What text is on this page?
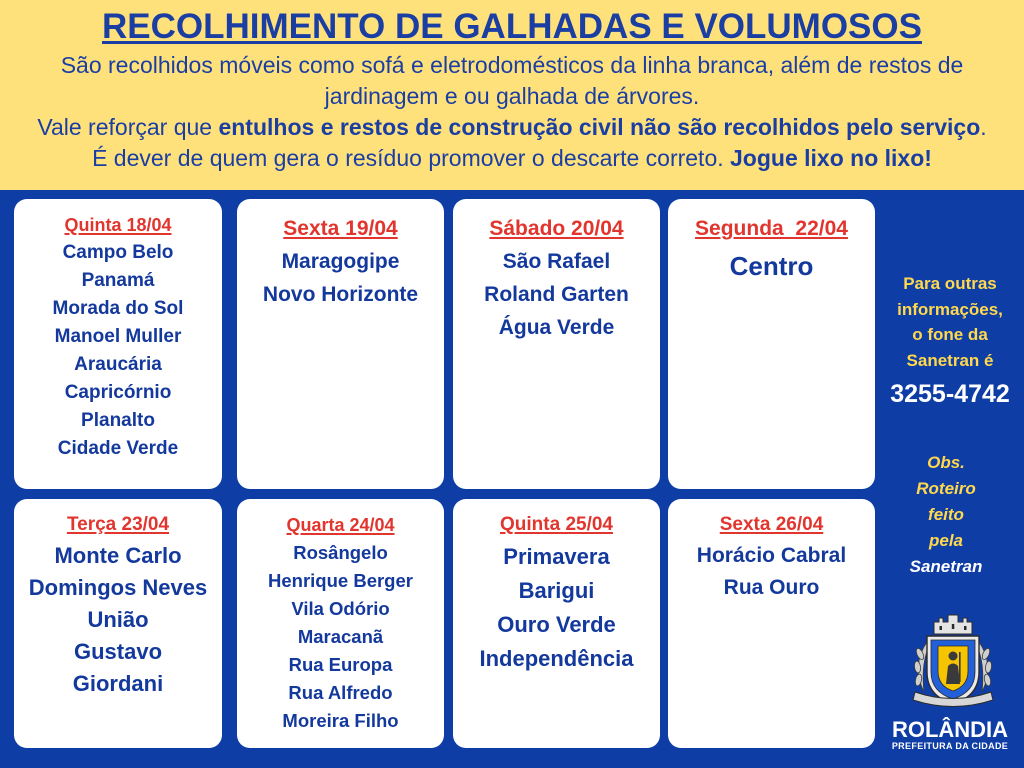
RECOLHIMENTO DE GALHADAS E VOLUMOSOS
São recolhidos móveis como sofá e eletrodomésticos da linha branca, além de restos de
jardinagem e ou galhada de árvores.
Vale reforçar que entulhos e restos de construção civil não são recolhidos pelo serviço.
É dever de quem gera o resíduo promover o descarte correto. Jogue lixo no lixo!
Quinta 18/04
Campo Belo
Panamá
Morada do Sol
Manoel Muller
Araucária
Capricórnio
Planalto
Cidade Verde
Sexta 19/04
Maragogipe
Novo Horizonte
Sábado 20/04
São Rafael
Roland Garten
Água Verde
Segunda  22/04
Centro
Terça 23/04
Monte Carlo
Domingos Neves
União
Gustavo
Giordani
Quarta 24/04
Rosângelo
Henrique Berger
Vila Odório
Maracanã
Rua Europa
Rua Alfredo
Moreira Filho
Quinta 25/04
Primavera
Barigui
Ouro Verde
Independência
Sexta 26/04
Horácio Cabral
Rua Ouro
Para outras
informações,
o fone da
Sanetran é
3255-4742
Obs.
Roteiro
feito
pela
Sanetran
ROLÂNDIA
PREFEITURA DA CIDADE
